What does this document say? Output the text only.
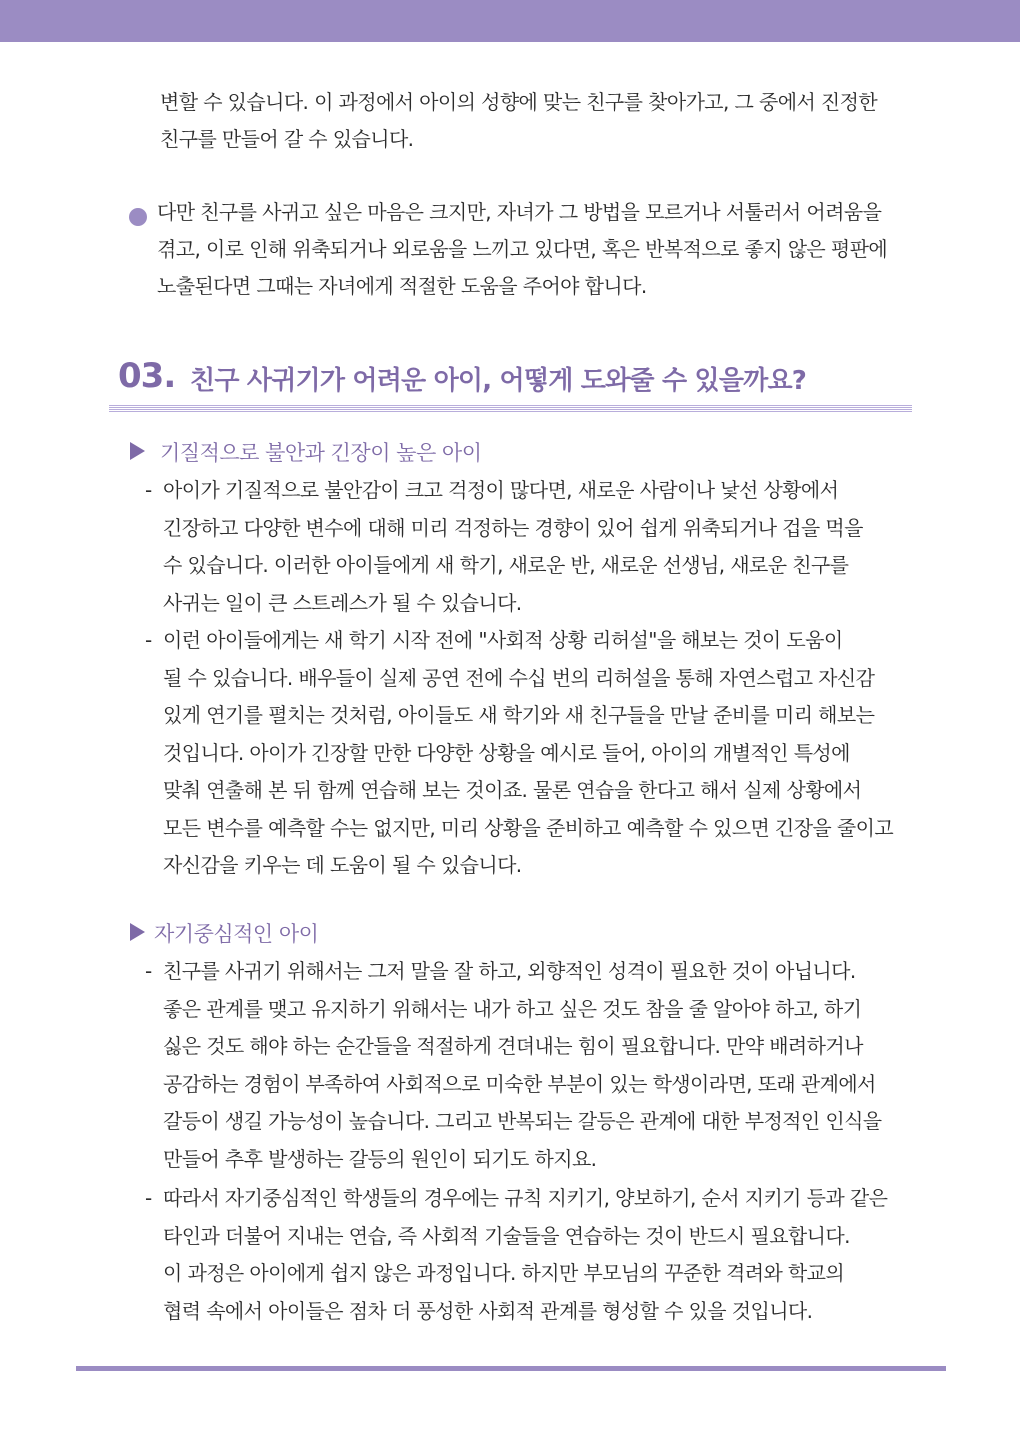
변할 수 있습니다. 이 과정에서 아이의 성향에 맞는 친구를 찾아가고, 그 중에서 진정한
친구를 만들어 갈 수 있습니다.

다만 친구를 사귀고 싶은 마음은 크지만, 자녀가 그 방법을 모르거나 서툴러서 어려움을
겪고, 이로 인해 위축되거나 외로움을 느끼고 있다면, 혹은 반복적으로 좋지 않은 평판에
노출된다면 그때는 자녀에게 적절한 도움을 주어야 합니다.

03. 친구 사귀기가 어려운 아이, 어떻게 도와줄 수 있을까요?
기질적으로 불안과 긴장이 높은 아이
- 아이가 기질적으로 불안감이 크고 걱정이 많다면, 새로운 사람이나 낯선 상황에서
긴장하고 다양한 변수에 대해 미리 걱정하는 경향이 있어 쉽게 위축되거나 겁을 먹을
수 있습니다. 이러한 아이들에게 새 학기, 새로운 반, 새로운 선생님, 새로운 친구를
사귀는 일이 큰 스트레스가 될 수 있습니다.
- 이런 아이들에게는 새 학기 시작 전에 "사회적 상황 리허설"을 해보는 것이 도움이
될 수 있습니다. 배우들이 실제 공연 전에 수십 번의 리허설을 통해 자연스럽고 자신감
있게 연기를 펼치는 것처럼, 아이들도 새 학기와 새 친구들을 만날 준비를 미리 해보는
것입니다. 아이가 긴장할 만한 다양한 상황을 예시로 들어, 아이의 개별적인 특성에
맞춰 연출해 본 뒤 함께 연습해 보는 것이죠. 물론 연습을 한다고 해서 실제 상황에서
모든 변수를 예측할 수는 없지만, 미리 상황을 준비하고 예측할 수 있으면 긴장을 줄이고
자신감을 키우는 데 도움이 될 수 있습니다.
자기중심적인 아이
- 친구를 사귀기 위해서는 그저 말을 잘 하고, 외향적인 성격이 필요한 것이 아닙니다.
좋은 관계를 맺고 유지하기 위해서는 내가 하고 싶은 것도 참을 줄 알아야 하고, 하기
싫은 것도 해야 하는 순간들을 적절하게 견뎌내는 힘이 필요합니다. 만약 배려하거나
공감하는 경험이 부족하여 사회적으로 미숙한 부분이 있는 학생이라면, 또래 관계에서
갈등이 생길 가능성이 높습니다. 그리고 반복되는 갈등은 관계에 대한 부정적인 인식을
만들어 추후 발생하는 갈등의 원인이 되기도 하지요.
- 따라서 자기중심적인 학생들의 경우에는 규칙 지키기, 양보하기, 순서 지키기 등과 같은
타인과 더불어 지내는 연습, 즉 사회적 기술들을 연습하는 것이 반드시 필요합니다.
이 과정은 아이에게 쉽지 않은 과정입니다. 하지만 부모님의 꾸준한 격려와 학교의
협력 속에서 아이들은 점차 더 풍성한 사회적 관계를 형성할 수 있을 것입니다.
